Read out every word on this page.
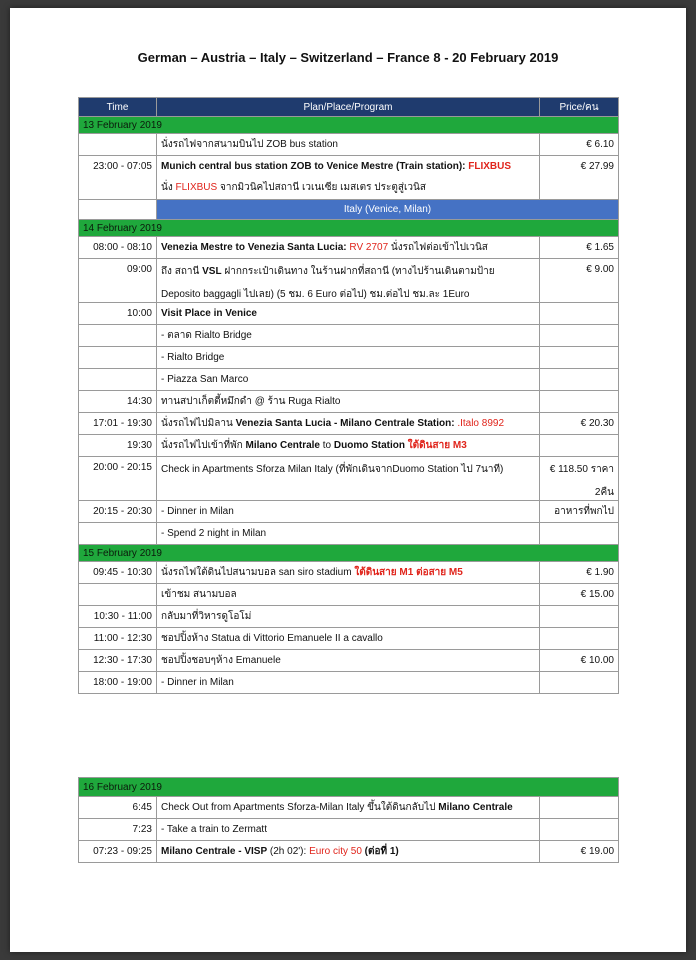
German – Austria – Italy – Switzerland – France 8 - 20 February 2019
Time	Plan/Place/Program	Price/คน
13 February 2019		
	นั่งรถไฟจากสนามบินไป ZOB bus station	€ 6.10
23:00 - 07:05	Munich central bus station ZOB to Venice Mestre (Train station): FLIXBUS
นั่ง FLIXBUS จากมิวนิคไปสถานี เวเนเซีย เมสเตร ประตูสู่เวนิส	€ 27.99
	Italy (Venice, Milan)	
14 February 2019		
08:00 - 08:10	Venezia Mestre to Venezia Santa Lucia: RV 2707 นั่งรถไฟต่อเข้าไปเวนิส	€ 1.65
09:00	ถึง สถานี VSL ฝากกระเป๋าเดินทาง ในร้านฝากที่สถานี (ทางไปร้านเดินตามป้าย
Deposito baggagli ไปเลย) (5 ชม. 6 Euro ต่อไป) ชม.ต่อไป ชม.ละ 1Euro	€ 9.00
10:00	Visit Place in Venice	
	- ตลาด Rialto Bridge	
	- Rialto Bridge	
	- Piazza San Marco	
14:30	ทานสปาเก็ตตี้หมึกดำ @ ร้าน Ruga Rialto	
17:01 - 19:30	นั่งรถไฟไปมิลาน Venezia Santa Lucia - Milano Centrale Station: .Italo 8992	€ 20.30
19:30	นั่งรถไฟไปเข้าที่พัก Milano Centrale to Duomo Station ใต้ดินสาย M3	
20:00 - 20:15	Check in Apartments Sforza Milan Italy (ที่พักเดินจากDuomo Station ไป 7นาที)	€ 118.50 ราคา
2คืน

20:15 - 20:30	- Dinner in Milan	อาหารที่พกไป
	- Spend 2 night in Milan	
15 February 2019		
09:45 - 10:30	นั่งรถไฟใต้ดินไปสนามบอล san siro stadium ใต้ดินสาย M1 ต่อสาย M5	€ 1.90
	เข้าชม สนามบอล	€ 15.00
10:30 - 11:00	กลับมาที่วิหารดูโอโม่	
11:00 - 12:30	ชอปปิ้งห้าง Statua di Vittorio Emanuele II a cavallo	
12:30 - 17:30	ชอปปิ้งชอบๆห้าง Emanuele	€ 10.00
18:00 - 19:00	- Dinner in Milan	
16 February 2019		
6:45	Check Out from Apartments Sforza-Milan Italy ขึ้นใต้ดินกลับไป Milano Centrale	
7:23	- Take a train to Zermatt	
07:23 - 09:25	Milano Centrale - VISP (2h 02'): Euro city 50 (ต่อที่ 1)	€ 19.00
